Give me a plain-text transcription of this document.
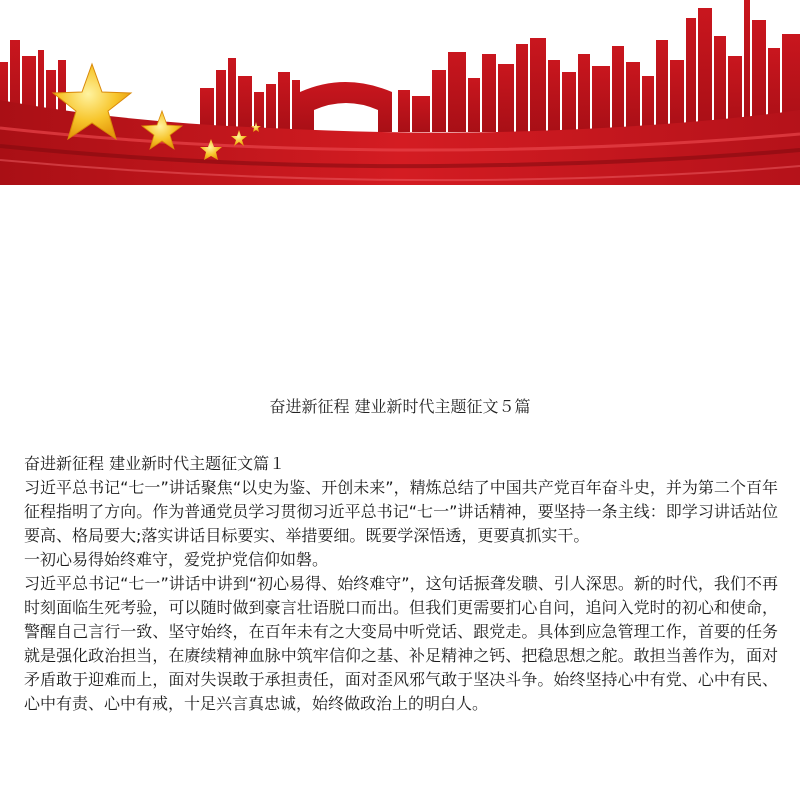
奋进新征程 建业新时代主题征文５篇

奋进新征程 建业新时代主题征文篇１

习近平总书记“七一”讲话聚焦“以史为鉴、开创未来”，精炼总结了中国共产党百年奋斗史，并为第二个百年征程指明了方向。作为普通党员学习贯彻习近平总书记“七一”讲话精神，要坚持一条主线：即学习讲话站位要高、格局要大;落实讲话目标要实、举措要细。既要学深悟透，更要真抓实干。

一初心易得始终难守，爱党护党信仰如磐。

习近平总书记“七一”讲话中讲到“初心易得、始终难守”，这句话振聋发聩、引人深思。新的时代，我们不再时刻面临生死考验，可以随时做到豪言壮语脱口而出。但我们更需要扪心自问，追问入党时的初心和使命，警醒自己言行一致、坚守始终，在百年未有之大变局中听党话、跟党走。具体到应急管理工作，首要的任务就是强化政治担当，在赓续精神血脉中筑牢信仰之基、补足精神之钙、把稳思想之舵。敢担当善作为，面对矛盾敢于迎难而上，面对失误敢于承担责任，面对歪风邪气敢于坚决斗争。始终坚持心中有党、心中有民、心中有责、心中有戒，十足兴言真忠诚，始终做政治上的明白人。
